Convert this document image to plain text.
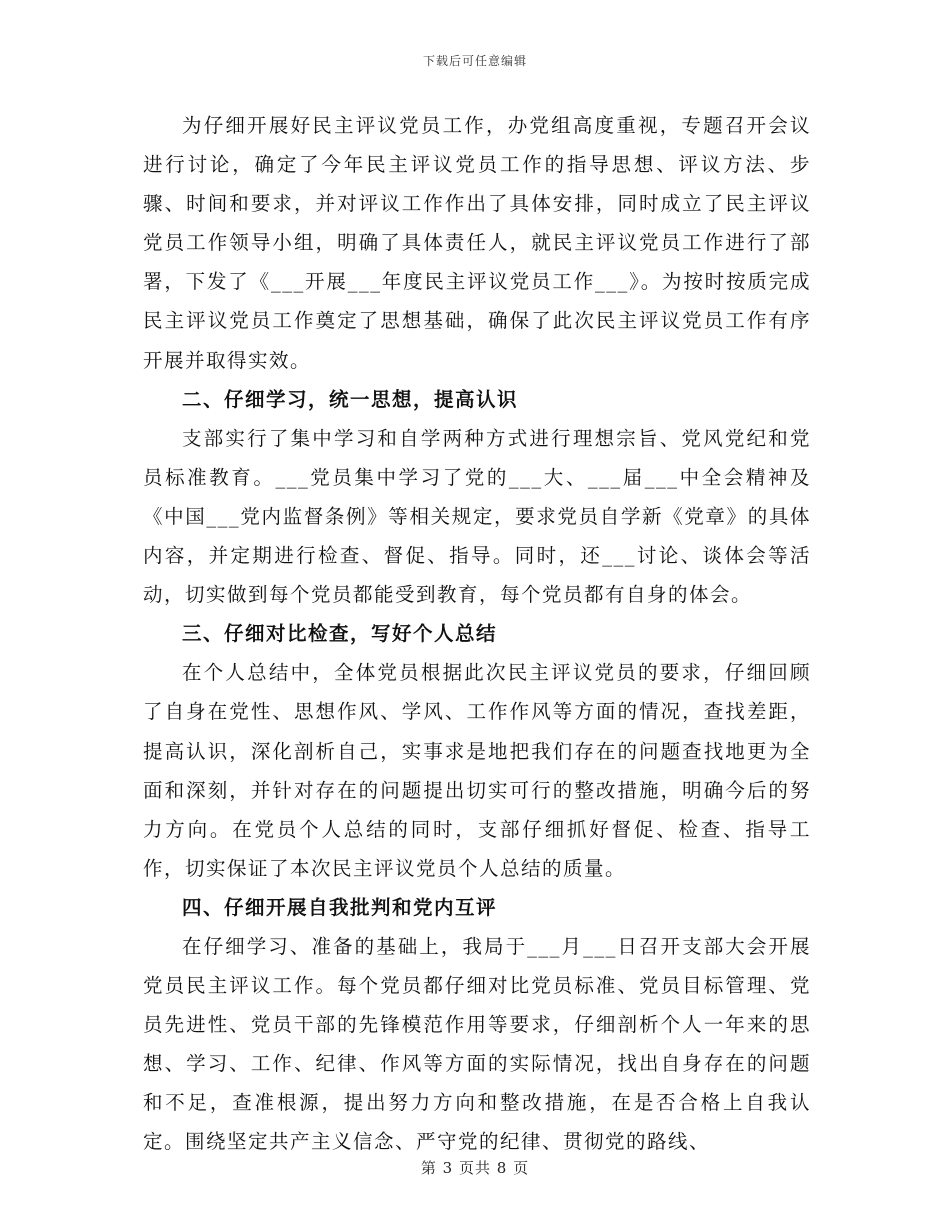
下载后可任意编辑

为仔细开展好民主评议党员工作，办党组高度重视，专题召开会议进行讨论，确定了今年民主评议党员工作的指导思想、评议方法、步骤、时间和要求，并对评议工作作出了具体安排，同时成立了民主评议党员工作领导小组，明确了具体责任人，就民主评议党员工作进行了部署，下发了《___开展___年度民主评议党员工作___》。为按时按质完成民主评议党员工作奠定了思想基础，确保了此次民主评议党员工作有序开展并取得实效。

二、仔细学习，统一思想，提高认识

支部实行了集中学习和自学两种方式进行理想宗旨、党风党纪和党员标准教育。___党员集中学习了党的___大、___届___中全会精神及《中国___党内监督条例》等相关规定，要求党员自学新《党章》的具体内容，并定期进行检查、督促、指导。同时，还___讨论、谈体会等活动，切实做到每个党员都能受到教育，每个党员都有自身的体会。

三、仔细对比检查，写好个人总结

在个人总结中，全体党员根据此次民主评议党员的要求，仔细回顾了自身在党性、思想作风、学风、工作作风等方面的情况，查找差距，提高认识，深化剖析自己，实事求是地把我们存在的问题查找地更为全面和深刻，并针对存在的问题提出切实可行的整改措施，明确今后的努力方向。在党员个人总结的同时，支部仔细抓好督促、检查、指导工作，切实保证了本次民主评议党员个人总结的质量。

四、仔细开展自我批判和党内互评

在仔细学习、准备的基础上，我局于___月___日召开支部大会开展党员民主评议工作。每个党员都仔细对比党员标准、党员目标管理、党员先进性、党员干部的先锋模范作用等要求，仔细剖析个人一年来的思想、学习、工作、纪律、作风等方面的实际情况，找出自身存在的问题和不足，查准根源，提出努力方向和整改措施，在是否合格上自我认定。围绕坚定共产主义信念、严守党的纪律、贯彻党的路线、

第 3 页共 8 页
